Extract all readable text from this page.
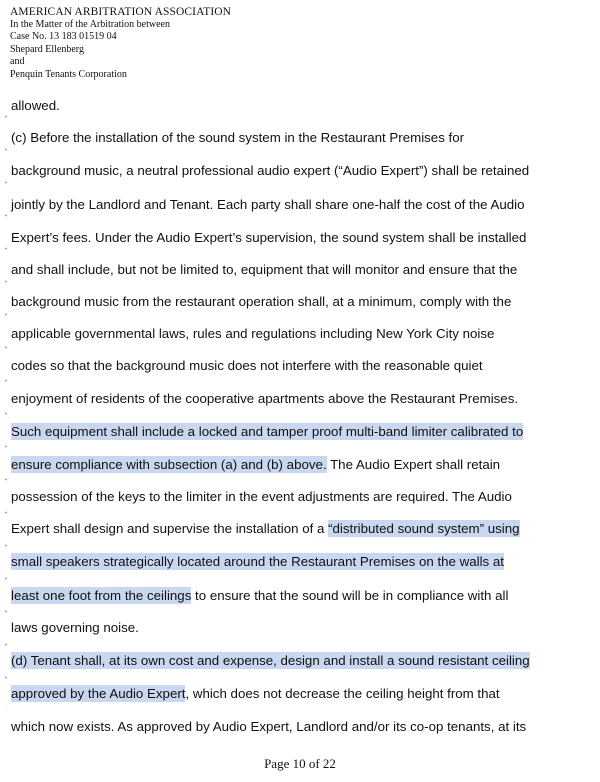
AMERICAN ARBITRATION ASSOCIATION
In the Matter of the Arbitration between
Case No. 13 183 01519 04
Shepard Ellenberg
and
Penquin Tenants Corporation
allowed.
(c) Before the installation of the sound system in the Restaurant Premises for
background music, a neutral professional audio expert (“Audio Expert”) shall be retained
jointly by the Landlord and Tenant. Each party shall share one-half the cost of the Audio
Expert’s fees. Under the Audio Expert’s supervision, the sound system shall be installed
and shall include, but not be limited to, equipment that will monitor and ensure that the
background music from the restaurant operation shall, at a minimum, comply with the
applicable governmental laws, rules and regulations including New York City noise
codes so that the background music does not interfere with the reasonable quiet
enjoyment of residents of the cooperative apartments above the Restaurant Premises.
Such equipment shall include a locked and tamper proof multi-band limiter calibrated to
ensure compliance with subsection (a) and (b) above. The Audio Expert shall retain
possession of the keys to the limiter in the event adjustments are required. The Audio
Expert shall design and supervise the installation of a “distributed sound system” using
small speakers strategically located around the Restaurant Premises on the walls at
least one foot from the ceilings to ensure that the sound will be in compliance with all
laws governing noise.
(d) Tenant shall, at its own cost and expense, design and install a sound resistant ceiling
approved by the Audio Expert, which does not decrease the ceiling height from that
which now exists. As approved by Audio Expert, Landlord and/or its co-op tenants, at its
Page 10 of 22
